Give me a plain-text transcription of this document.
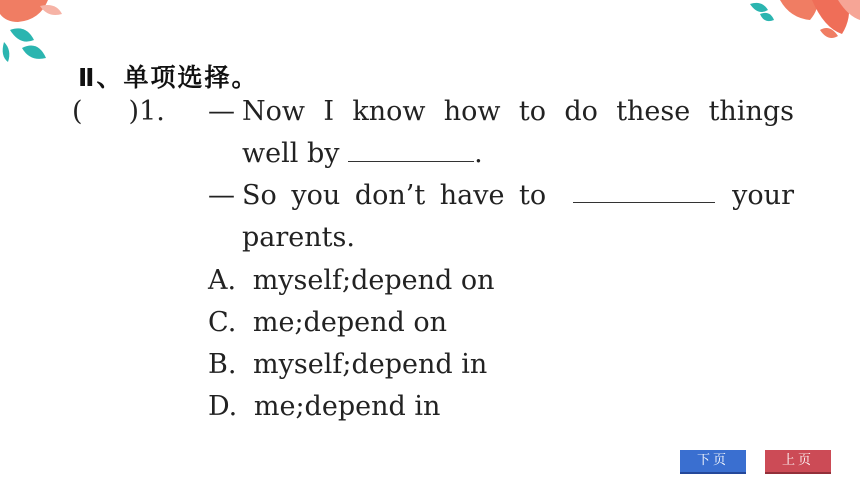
Ⅱ、单项选择。
( )1. — Now I know how to do these things
well by	.
— So you don’t have to	your
parents.
A. myself;depend on
C. me;depend on
B. myself;depend in
D. me;depend in
下页	上页
